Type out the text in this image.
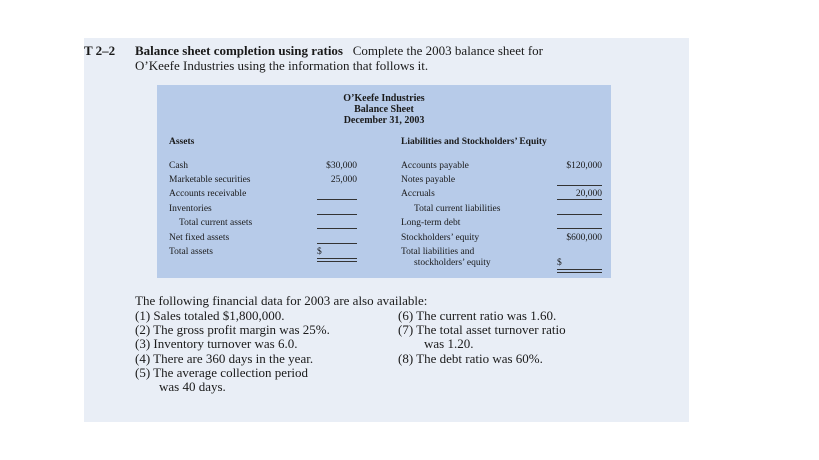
T 2–2 Balance sheet completion using ratios Complete the 2003 balance sheet for
O’Keefe Industries using the information that follows it.
O’Keefe Industries
Balance Sheet
December 31, 2003
Assets	Liabilities and Stockholders’ Equity
Cash	$30,000
Marketable securities	25,000
Accounts receivable
Inventories
Total current assets
Net fixed assets
Total assets	$
Accounts payable	$120,000
Notes payable
Accruals	20,000
Total current liabilities
Long-term debt
Stockholders’ equity	$600,000
Total liabilities and
stockholders’ equity	$
The following financial data for 2003 are also available:
(1) Sales totaled $1,800,000.
(2) The gross profit margin was 25%.
(3) Inventory turnover was 6.0.
(4) There are 360 days in the year.
(5) The average collection period
was 40 days.
(6) The current ratio was 1.60.
(7) The total asset turnover ratio
was 1.20.
(8) The debt ratio was 60%.
